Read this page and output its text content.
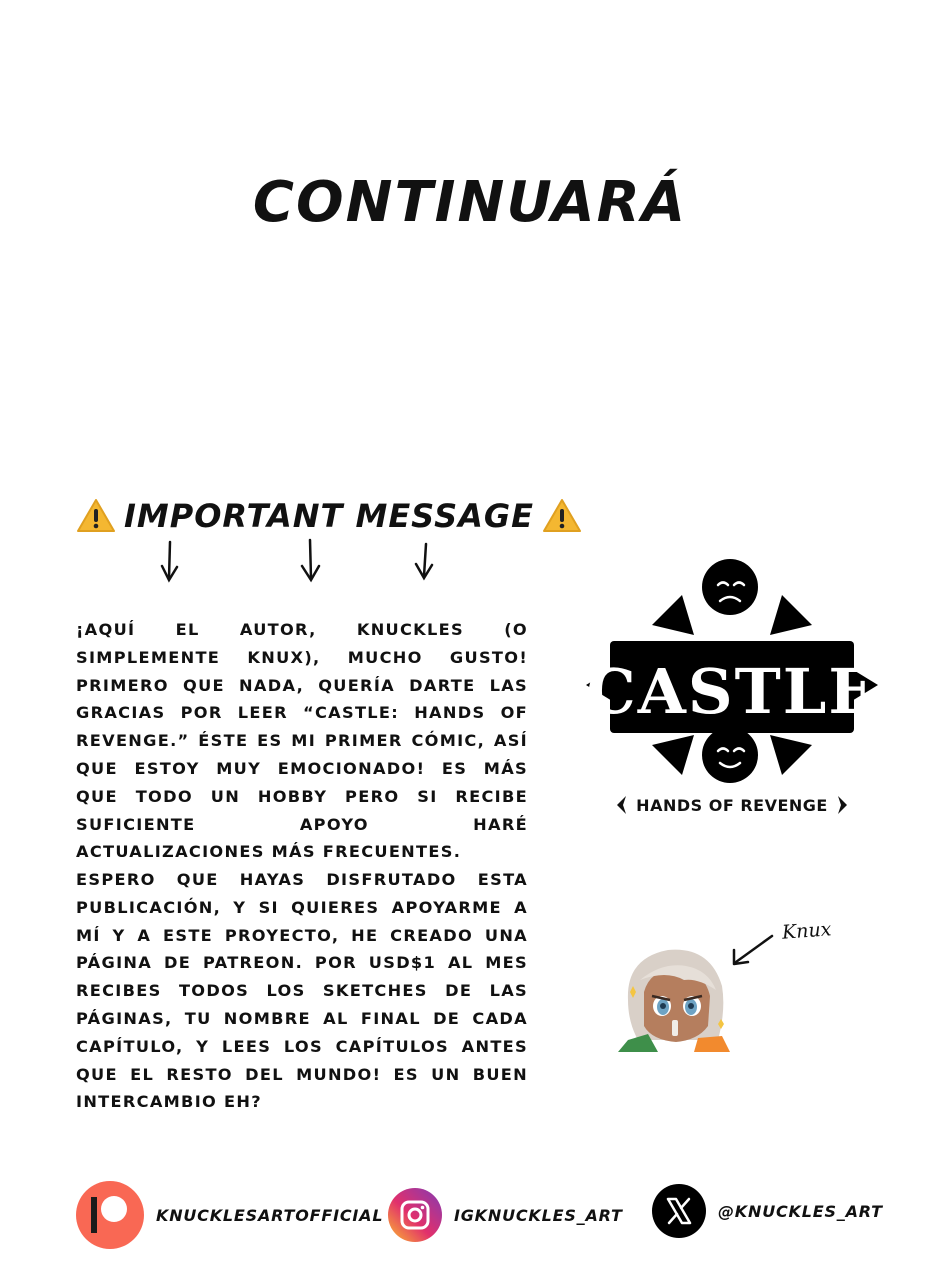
CONTINUARÁ
IMPORTANT MESSAGE
¡AQUÍ EL AUTOR, KNUCKLES (O SIMPLEMENTE KNUX), MUCHO GUSTO! PRIMERO QUE NADA, QUERÍA DARTE LAS GRACIAS POR LEER “CASTLE: HANDS OF REVENGE.” ÉSTE ES MI PRIMER CÓMIC, ASÍ QUE ESTOY MUY EMOCIONADO! ES MÁS QUE TODO UN HOBBY PERO SI RECIBE SUFICIENTE APOYO HARÉ ACTUALIZACIONES MÁS FRECUENTES.
ESPERO QUE HAYAS DISFRUTADO ESTA PUBLICACIÓN, Y SI QUIERES APOYARME A MÍ Y A ESTE PROYECTO, HE CREADO UNA PÁGINA DE PATREON. POR USD$1 AL MES RECIBES TODOS LOS SKETCHES DE LAS PÁGINAS, TU NOMBRE AL FINAL DE CADA CAPÍTULO, Y LEES LOS CAPÍTULOS ANTES QUE EL RESTO DEL MUNDO! ES UN BUEN INTERCAMBIO EH?
CASTLE
HANDS OF REVENGE
Knux
KNUCKLESARTOFFICIAL	IGKNUCKLES_ART	@KNUCKLES_ART
